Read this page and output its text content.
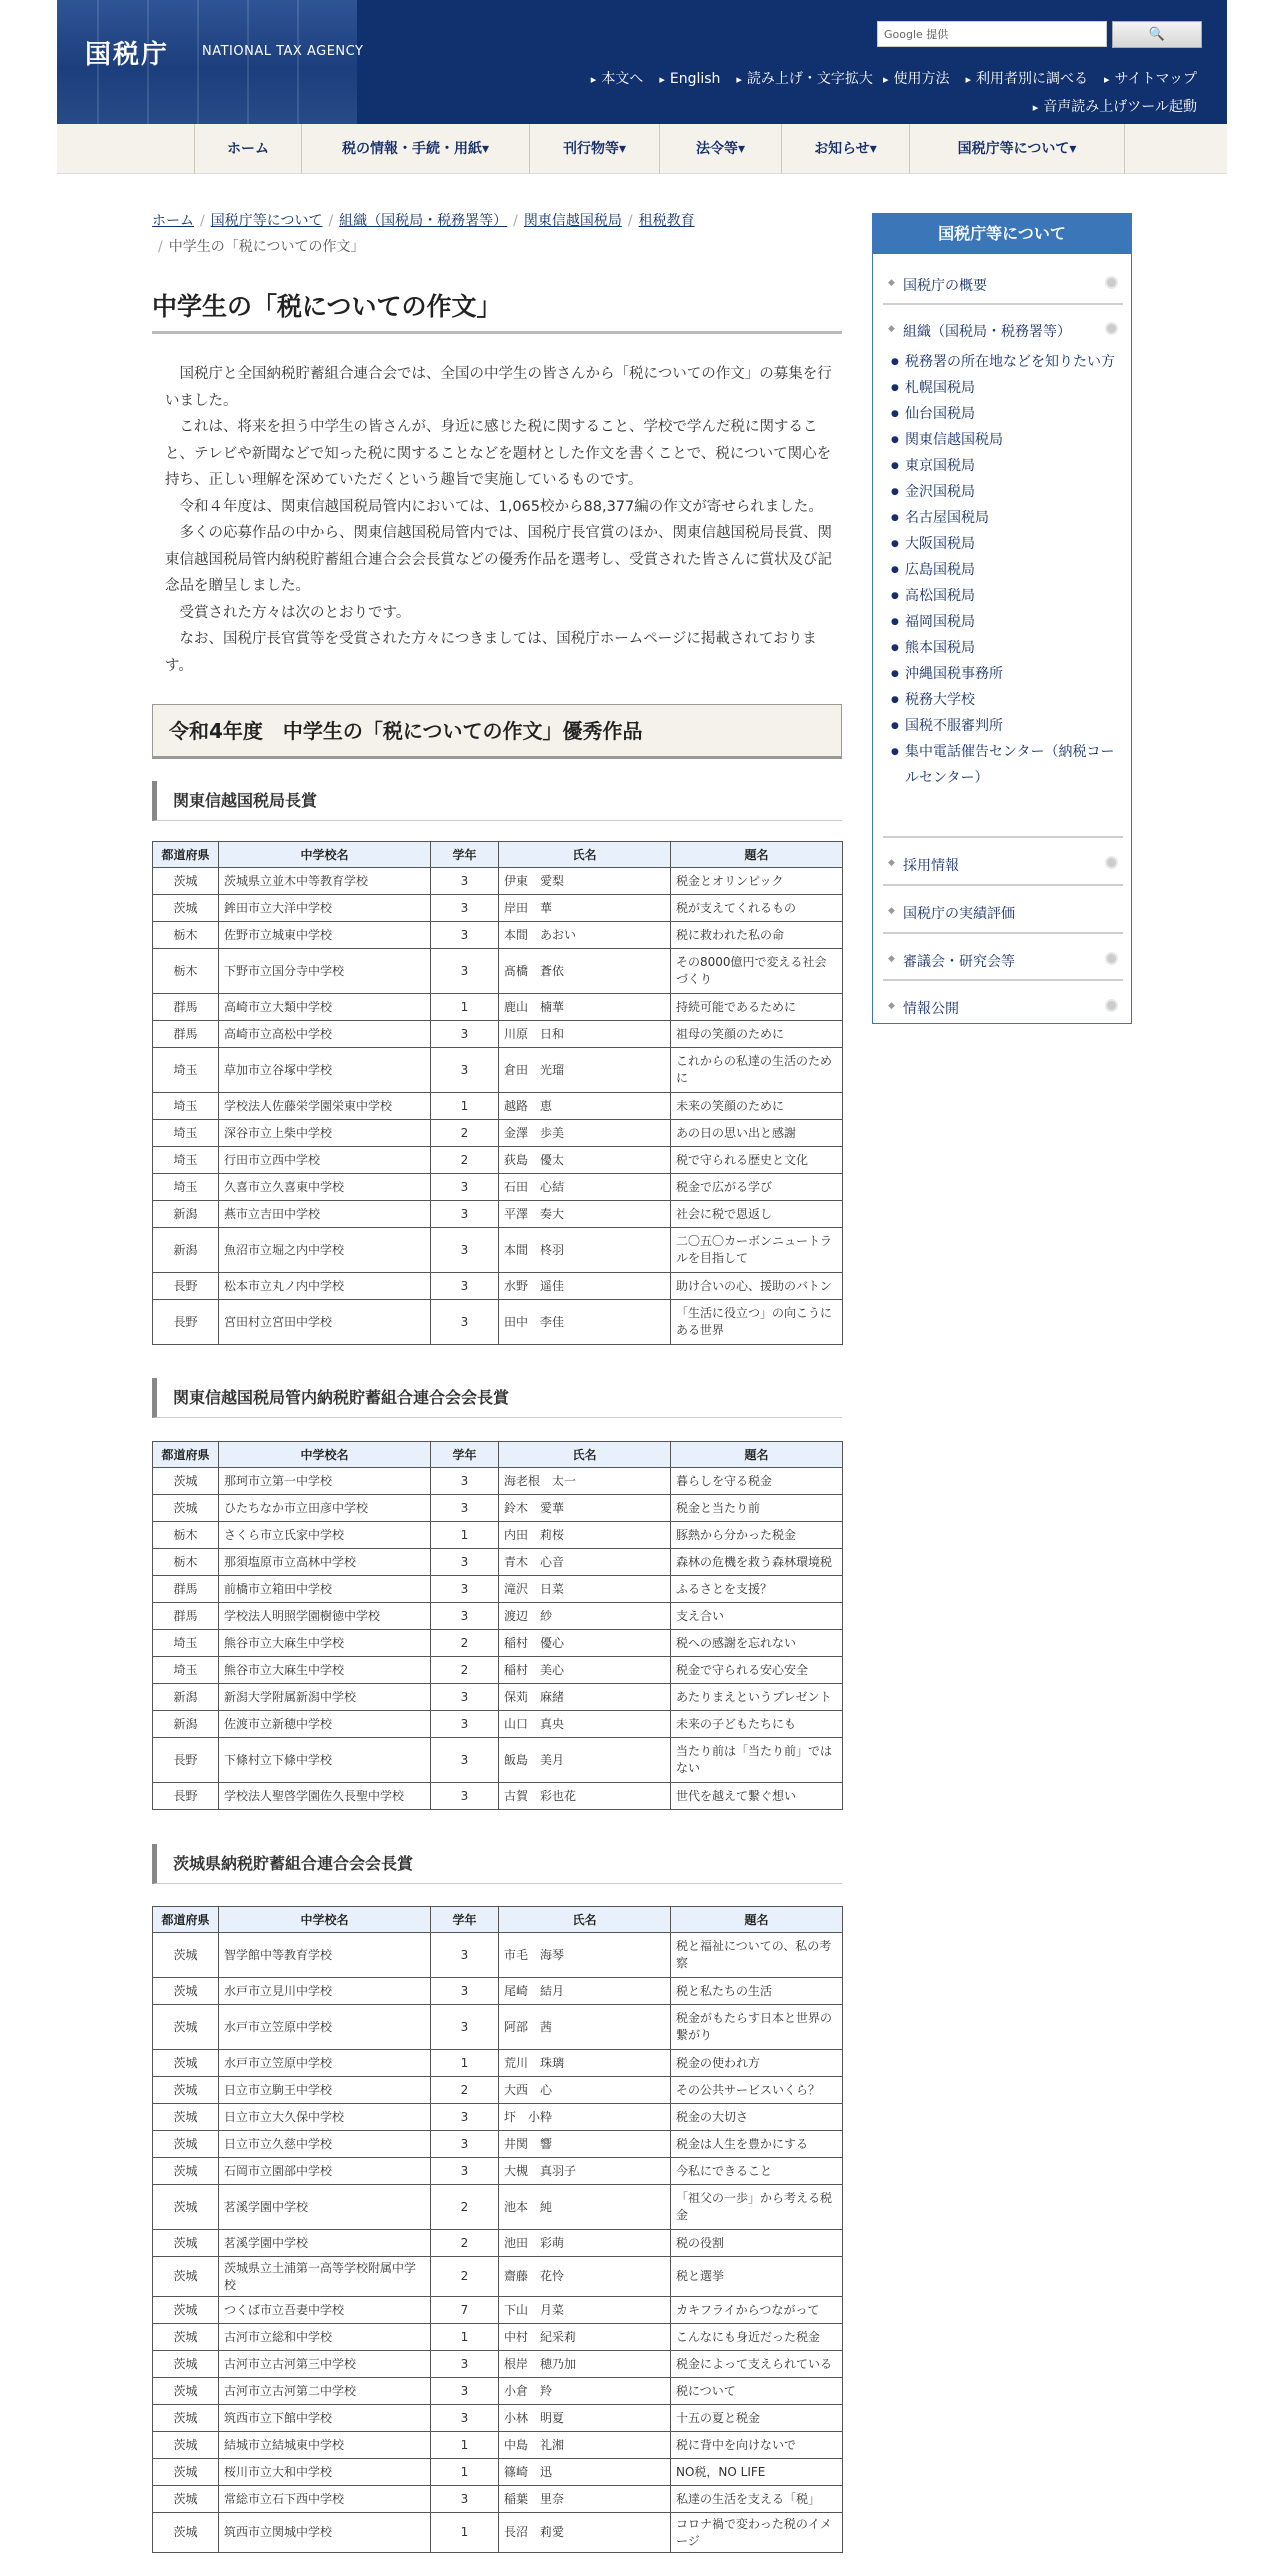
国税庁	NATIONAL TAX AGENCY
Google 提供	🔍
▸ 本文へ ▸ English ▸ 読み上げ・文字拡大 ▸ 使用方法 ▸ 利用者別に調べる ▸ サイトマップ
▸ 音声読み上げツール起動
ホーム	税の情報・手続・用紙▾	刊行物等▾	法令等▾	お知らせ▾	国税庁等について▾
ホーム / 国税庁等について / 組織（国税局・税務署等） / 関東信越国税局 / 租税教育
/ 中学生の「税についての作文」
中学生の「税についての作文」

国税庁と全国納税貯蓄組合連合会では、全国の中学生の皆さんから「税についての作文」の募集を行いました。

これは、将来を担う中学生の皆さんが、身近に感じた税に関すること、学校で学んだ税に関すること、テレビや新聞などで知った税に関することなどを題材とした作文を書くことで、税について関心を持ち、正しい理解を深めていただくという趣旨で実施しているものです。

令和４年度は、関東信越国税局管内においては、1,065校から88,377編の作文が寄せられました。

多くの応募作品の中から、関東信越国税局管内では、国税庁長官賞のほか、関東信越国税局長賞、関東信越国税局管内納税貯蓄組合連合会会長賞などの優秀作品を選考し、受賞された皆さんに賞状及び記念品を贈呈しました。

受賞された方々は次のとおりです。

なお、国税庁長官賞等を受賞された方々につきましては、国税庁ホームページに掲載されております。

令和4年度　中学生の「税についての作文」優秀作品
関東信越国税局長賞
都道府県	中学校名	学年	氏名	題名
茨城	茨城県立並木中等教育学校	3	伊東　愛梨	税金とオリンピック
茨城	鉾田市立大洋中学校	3	岸田　華	税が支えてくれるもの
栃木	佐野市立城東中学校	3	本間　あおい	税に救われた私の命
栃木	下野市立国分寺中学校	3	髙橋　蒼依	その8000億円で変える社会づくり
群馬	高崎市立大類中学校	1	鹿山　楠華	持続可能であるために
群馬	高崎市立高松中学校	3	川原　日和	祖母の笑顔のために
埼玉	草加市立谷塚中学校	3	倉田　光瑠	これからの私達の生活のために
埼玉	学校法人佐藤栄学園栄東中学校	1	越路　恵	未来の笑顔のために
埼玉	深谷市立上柴中学校	2	金澤　歩美	あの日の思い出と感謝
埼玉	行田市立西中学校	2	荻島　優太	税で守られる歴史と文化
埼玉	久喜市立久喜東中学校	3	石田　心結	税金で広がる学び
新潟	燕市立吉田中学校	3	平澤　奏大	社会に税で恩返し
新潟	魚沼市立堀之内中学校	3	本間　柊羽	二〇五〇カーボンニュートラルを目指して
長野	松本市立丸ノ内中学校	3	水野　遥佳	助け合いの心、援助のバトン
長野	宮田村立宮田中学校	3	田中　李佳	「生活に役立つ」の向こうにある世界
関東信越国税局管内納税貯蓄組合連合会会長賞
都道府県	中学校名	学年	氏名	題名
茨城	那珂市立第一中学校	3	海老根　太一	暮らしを守る税金
茨城	ひたちなか市立田彦中学校	3	鈴木　愛華	税金と当たり前
栃木	さくら市立氏家中学校	1	内田　莉桜	豚熱から分かった税金
栃木	那須塩原市立高林中学校	3	青木　心音	森林の危機を救う森林環境税
群馬	前橋市立箱田中学校	3	滝沢　日菜	ふるさとを支援？
群馬	学校法人明照学園樹徳中学校	3	渡辺　紗	支え合い
埼玉	熊谷市立大麻生中学校	2	稲村　優心	税への感謝を忘れない
埼玉	熊谷市立大麻生中学校	2	稲村　美心	税金で守られる安心安全
新潟	新潟大学附属新潟中学校	3	保苅　麻緒	あたりまえというプレゼント
新潟	佐渡市立新穂中学校	3	山口　真央	未来の子どもたちにも
長野	下條村立下條中学校	3	飯島　美月	当たり前は「当たり前」ではない
長野	学校法人聖啓学園佐久長聖中学校	3	古賀　彩也花	世代を越えて繋ぐ想い
茨城県納税貯蓄組合連合会会長賞
都道府県	中学校名	学年	氏名	題名
茨城	智学館中等教育学校	3	市毛　海琴	税と福祉についての、私の考察
茨城	水戸市立見川中学校	3	尾崎　結月	税と私たちの生活
茨城	水戸市立笠原中学校	3	阿部　茜	税金がもたらす日本と世界の繋がり
茨城	水戸市立笠原中学校	1	荒川　珠璃	税金の使われ方
茨城	日立市立駒王中学校	2	大西　心	その公共サービスいくら？
茨城	日立市立大久保中学校	3	圷　小粋	税金の大切さ
茨城	日立市立久慈中学校	3	井関　響	税金は人生を豊かにする
茨城	石岡市立園部中学校	3	大槻　真羽子	今私にできること
茨城	茗溪学園中学校	2	池本　純	「祖父の一歩」から考える税金
茨城	茗溪学園中学校	2	池田　彩萌	税の役割
茨城	茨城県立土浦第一高等学校附属中学校	2	齋藤　花怜	税と選挙
茨城	つくば市立吾妻中学校	7	下山　月菜	カキフライからつながって
茨城	古河市立総和中学校	1	中村　紀采莉	こんなにも身近だった税金
茨城	古河市立古河第三中学校	3	根岸　穂乃加	税金によって支えられている
茨城	古河市立古河第二中学校	3	小倉　羚	税について
茨城	筑西市立下館中学校	3	小林　明夏	十五の夏と税金
茨城	結城市立結城東中学校	1	中島　礼湘	税に背中を向けないで
茨城	桜川市立大和中学校	1	篠崎　迅	NO税，NO LIFE
茨城	常総市立石下西中学校	3	稲葉　里奈	私達の生活を支える「税」
茨城	筑西市立関城中学校	1	長沼　莉愛	コロナ禍で変わった税のイメージ
国税庁等について
◆ 国税庁の概要
◆ 組織（国税局・税務署等）
● 税務署の所在地などを知りたい方
● 札幌国税局
● 仙台国税局
● 関東信越国税局
● 東京国税局
● 金沢国税局
● 名古屋国税局
● 大阪国税局
● 広島国税局
● 高松国税局
● 福岡国税局
● 熊本国税局
● 沖縄国税事務所
● 税務大学校
● 国税不服審判所
● 集中電話催告センター（納税コールセンター）
◆ 採用情報
◆ 国税庁の実績評価
◆ 審議会・研究会等
◆ 情報公開
